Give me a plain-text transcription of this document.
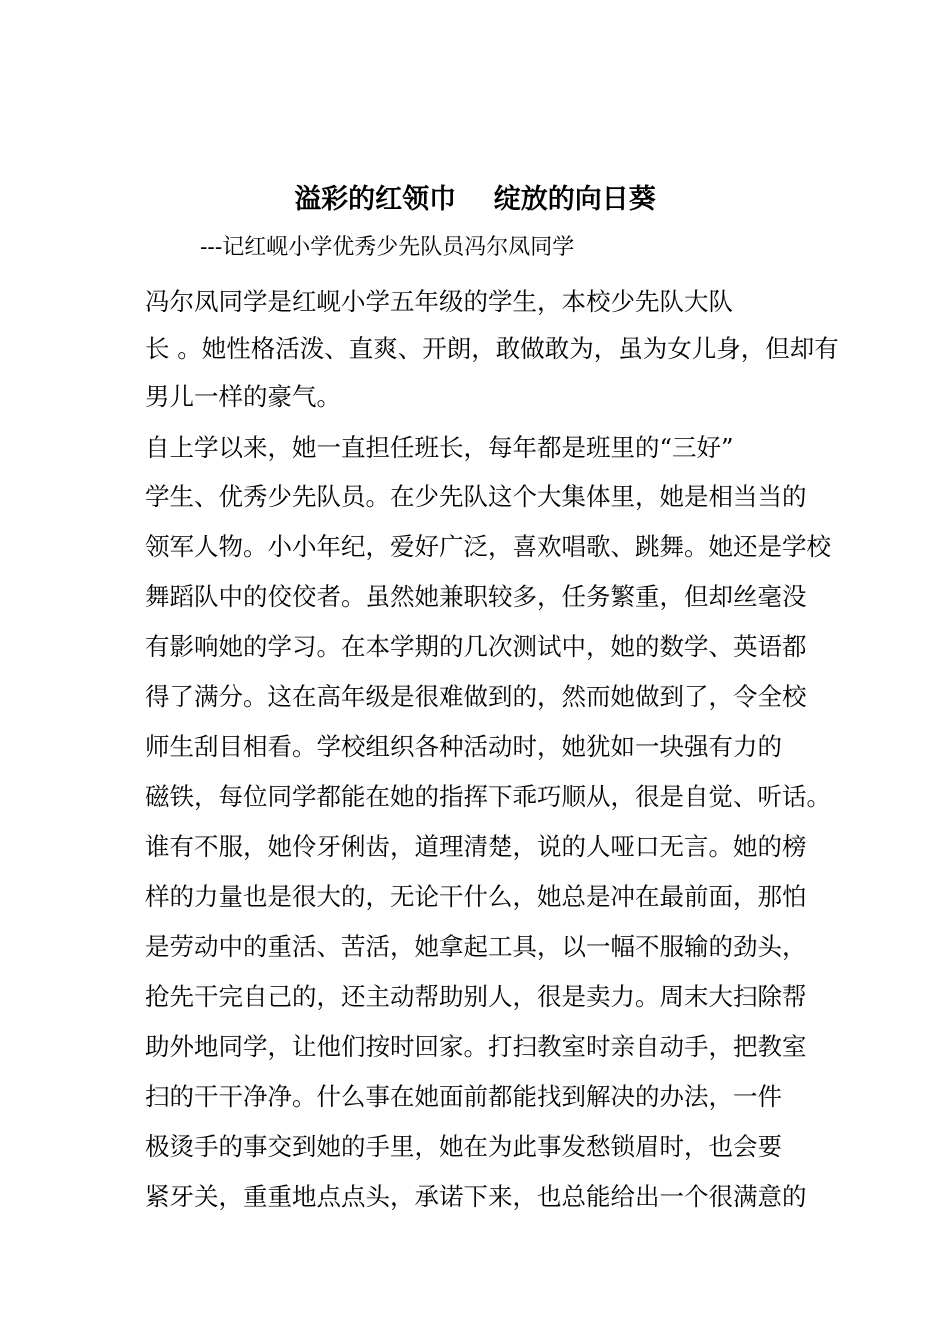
溢彩的红领巾    绽放的向日葵
---记红岘小学优秀少先队员冯尔凤同学
冯尔凤同学是红岘小学五年级的学生，本校少先队大队
长 。她性格活泼、直爽、开朗，敢做敢为，虽为女儿身，但却有
男儿一样的豪气。
自上学以来，她一直担任班长，每年都是班里的“三好”
学生、优秀少先队员。在少先队这个大集体里，她是相当当的
领军人物。小小年纪，爱好广泛，喜欢唱歌、跳舞。她还是学校
舞蹈队中的佼佼者。虽然她兼职较多，任务繁重，但却丝毫没
有影响她的学习。在本学期的几次测试中，她的数学、英语都
得了满分。这在高年级是很难做到的，然而她做到了，令全校
师生刮目相看。学校组织各种活动时，她犹如一块强有力的
磁铁，每位同学都能在她的指挥下乖巧顺从，很是自觉、听话。
谁有不服，她伶牙俐齿，道理清楚，说的人哑口无言。她的榜
样的力量也是很大的，无论干什么，她总是冲在最前面，那怕
是劳动中的重活、苦活，她拿起工具，以一幅不服输的劲头，
抢先干完自己的，还主动帮助别人，很是卖力。周末大扫除帮
助外地同学，让他们按时回家。打扫教室时亲自动手，把教室
扫的干干净净。什么事在她面前都能找到解决的办法，一件
极烫手的事交到她的手里，她在为此事发愁锁眉时，也会要
紧牙关，重重地点点头，承诺下来，也总能给出一个很满意的
